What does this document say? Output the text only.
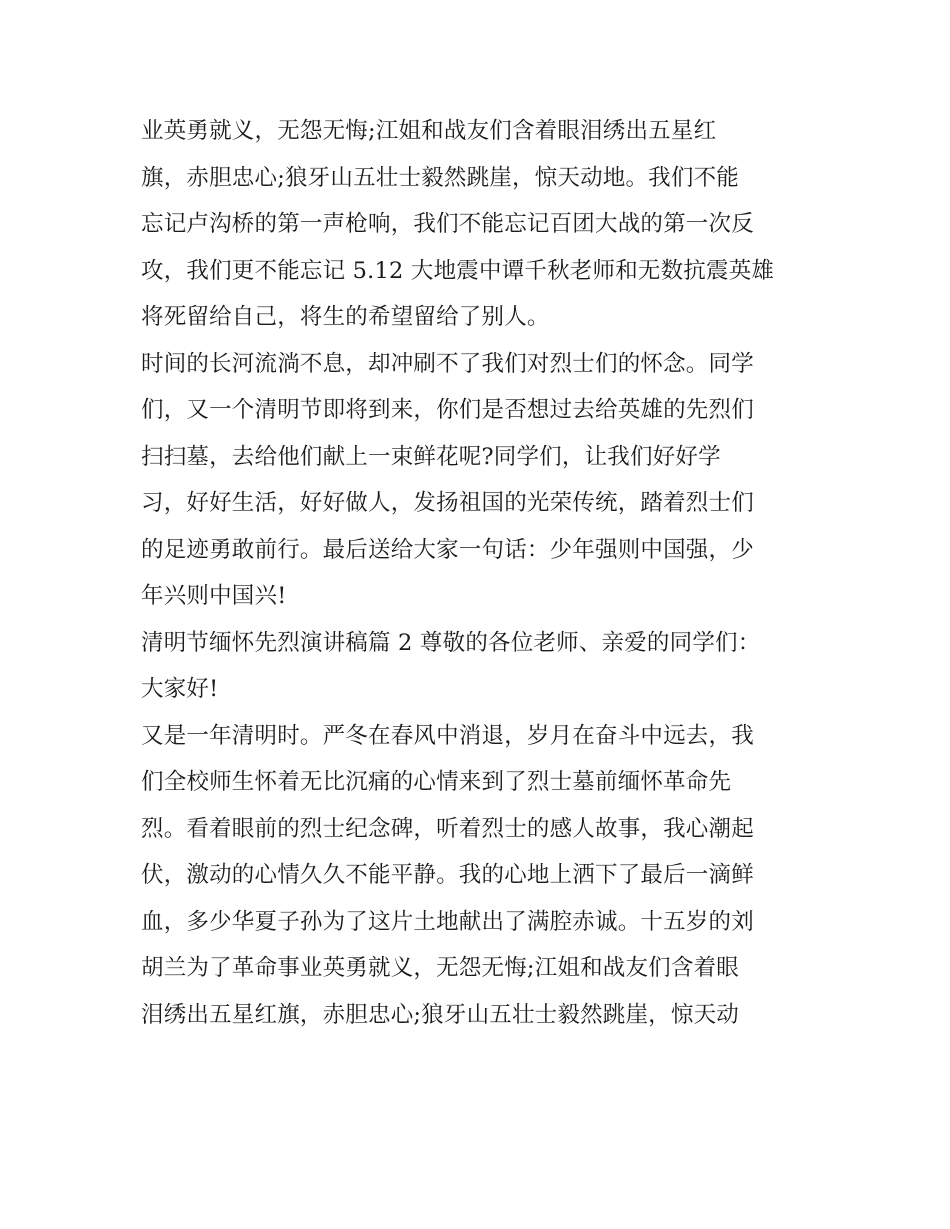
业英勇就义，无怨无悔;江姐和战友们含着眼泪绣出五星红
旗，赤胆忠心;狼牙山五壮士毅然跳崖，惊天动地。我们不能
忘记卢沟桥的第一声枪响，我们不能忘记百团大战的第一次反
攻，我们更不能忘记 5.12 大地震中谭千秋老师和无数抗震英雄
将死留给自己，将生的希望留给了别人。
时间的长河流淌不息，却冲刷不了我们对烈士们的怀念。同学
们，又一个清明节即将到来，你们是否想过去给英雄的先烈们
扫扫墓，去给他们献上一束鲜花呢?同学们，让我们好好学
习，好好生活，好好做人，发扬祖国的光荣传统，踏着烈士们
的足迹勇敢前行。最后送给大家一句话：少年强则中国强，少
年兴则中国兴!
清明节缅怀先烈演讲稿篇 2 尊敬的各位老师、亲爱的同学们：
大家好!
又是一年清明时。严冬在春风中消退，岁月在奋斗中远去，我
们全校师生怀着无比沉痛的心情来到了烈士墓前缅怀革命先
烈。看着眼前的烈士纪念碑，听着烈士的感人故事，我心潮起
伏，激动的心情久久不能平静。我的心地上洒下了最后一滴鲜
血，多少华夏子孙为了这片土地献出了满腔赤诚。十五岁的刘
胡兰为了革命事业英勇就义，无怨无悔;江姐和战友们含着眼
泪绣出五星红旗，赤胆忠心;狼牙山五壮士毅然跳崖，惊天动
